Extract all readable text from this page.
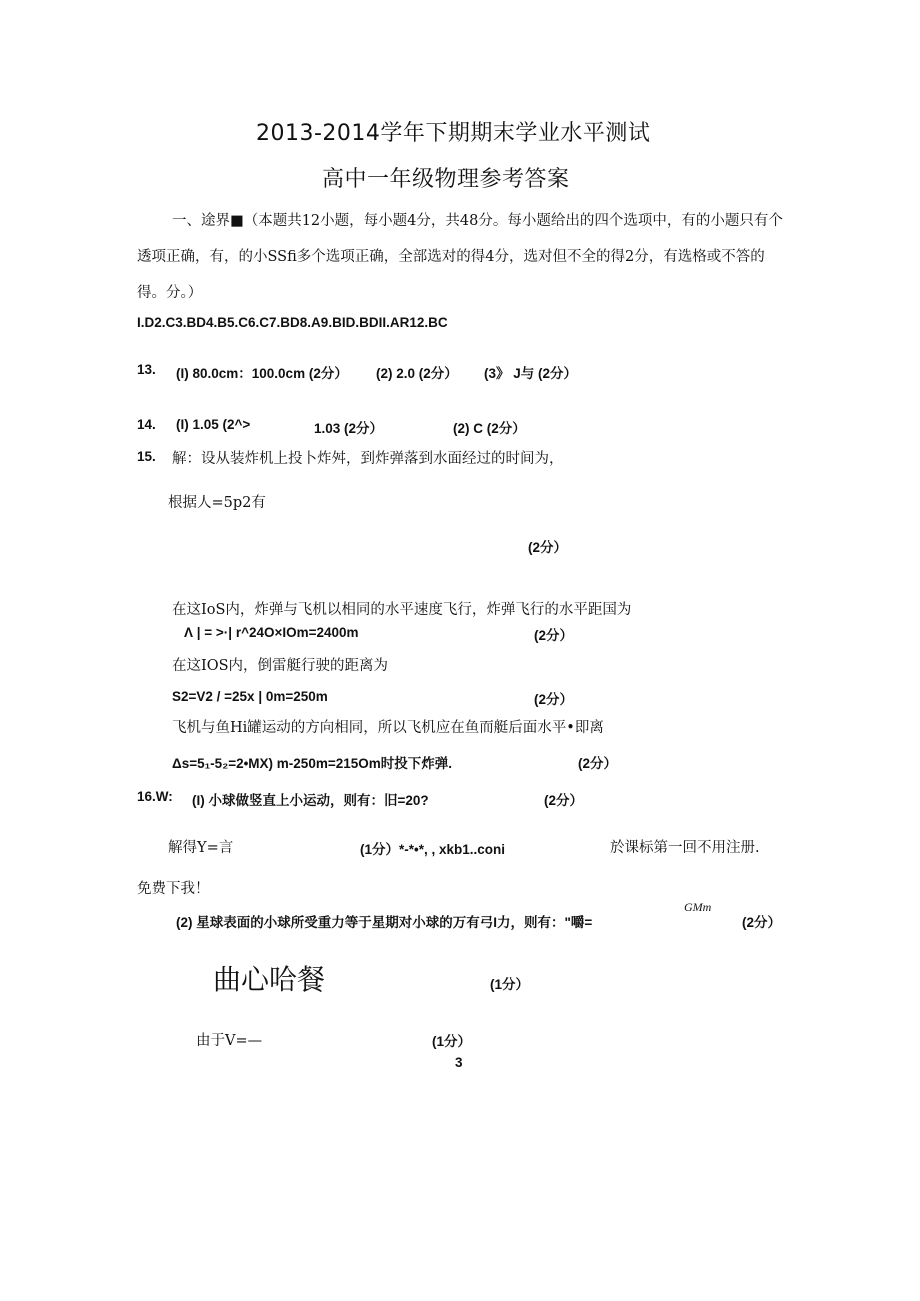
2013-2014学年下期期末学业水平测试
高中一年级物理参考答案
一、途界■（本题共12小题，每小题4分，共48分。每小题给出的四个选项中，有的小题只有个
透项正确，有，的小SSfi多个选项正确，全部选对的得4分，选对但不全的得2分，有选格或不答的
得。分。）
I.D2.C3.BD4.B5.C6.C7.BD8.A9.BID.BDII.AR12.BC
13. (I) 80.0cm：100.0cm (2分） (2) 2.0 (2分） (3》 J与 (2分）
14. (I) 1.05 (2^>	1.03 (2分）	(2) C (2分）
15. 解：设从装炸机上投卜炸舛，到炸弹落到水面经过的时间为，
根据人=5p2有
(2分）
在这IoS内，炸弹与飞机以相同的水平速度飞行，炸弹飞行的水平距国为
Λ | = >·| r^24O×IOm=2400m	(2分）
在这IOS内，倒雷艇行驶的距离为
S2=V2 / =25x | 0m=250m	(2分）
飞机与鱼Hi罐运动的方向相同，所以飞机应在鱼而艇后面水平•即离
Δs=5₁-5₂=2•MX) m-250m=215Om时投下炸弹.	(2分）
16.W: (I) 小球做竖直上小运动，则有：旧=20?	(2分）
解得Y=言	(1分）*-*•*, , xkb1..coni	於课标第一回不用注册.
免费下我！
(2) 星球表面的小球所受重力等于星期对小球的万有弓I力，则有："嚼=
GMm
(2分）
曲心哈餐	(1分）
由于V=—	(1分）
3
